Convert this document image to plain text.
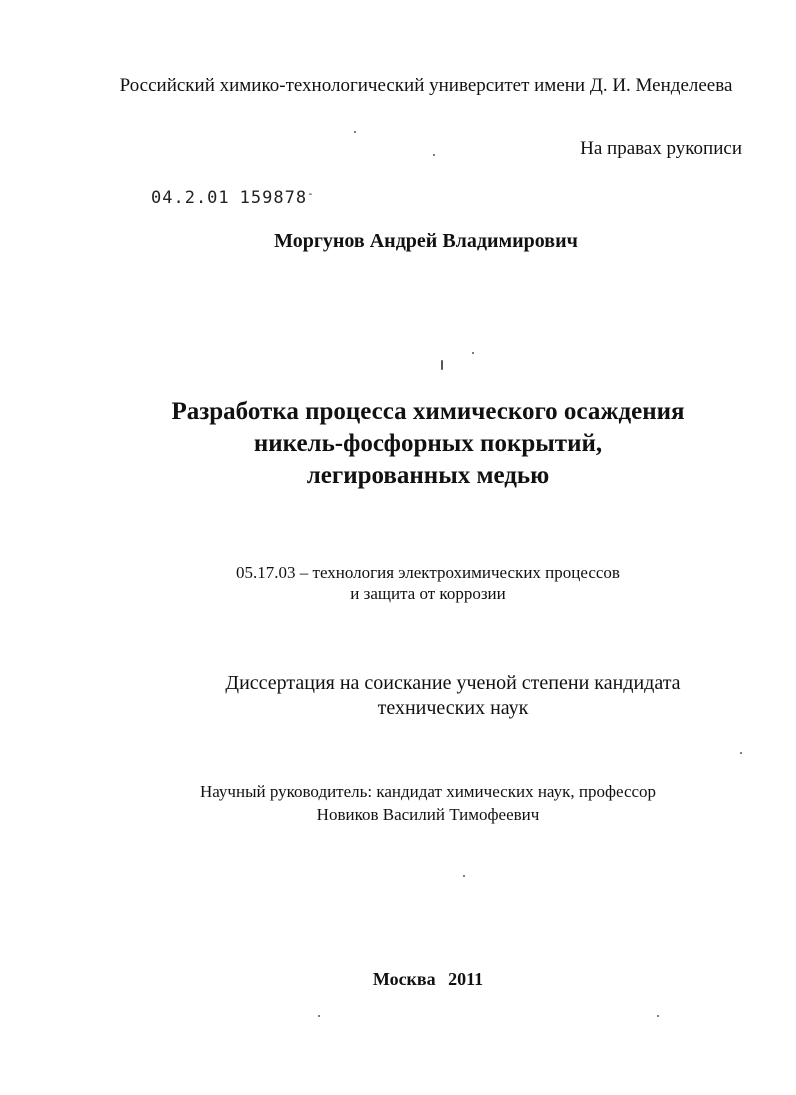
Российский химико-технологический университет имени Д. И. Менделеева
На правах рукописи
04.2.01 159878-
Моргунов Андрей Владимирович
Разработка процесса химического осаждения
никель-фосфорных покрытий,
легированных медью
05.17.03 – технология электрохимических процессов
и защита от коррозии
Диссертация на соискание ученой степени кандидата
технических наук
Научный руководитель: кандидат химических наук, профессор
Новиков Василий Тимофеевич
Москва 2011
